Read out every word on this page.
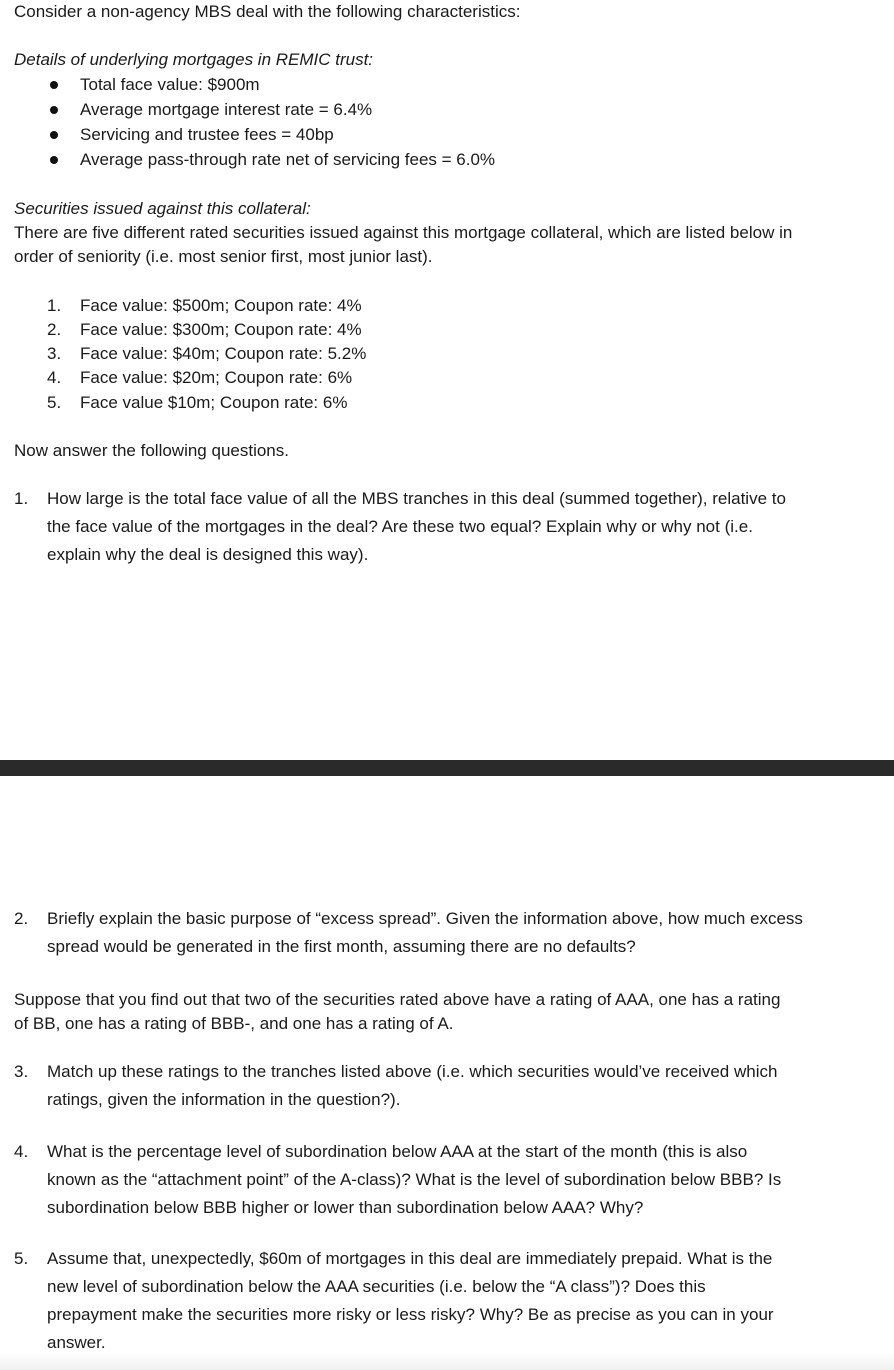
Consider a non-agency MBS deal with the following characteristics:
Details of underlying mortgages in REMIC trust:
Total face value: $900m
Average mortgage interest rate = 6.4%
Servicing and trustee fees = 40bp
Average pass-through rate net of servicing fees = 6.0%
Securities issued against this collateral:
There are five different rated securities issued against this mortgage collateral, which are listed below in
order of seniority (i.e. most senior first, most junior last).
1. Face value: $500m; Coupon rate: 4%
2. Face value: $300m; Coupon rate: 4%
3. Face value: $40m; Coupon rate: 5.2%
4. Face value: $20m; Coupon rate: 6%
5. Face value $10m; Coupon rate: 6%
Now answer the following questions.
1. How large is the total face value of all the MBS tranches in this deal (summed together), relative to
the face value of the mortgages in the deal? Are these two equal? Explain why or why not (i.e.
explain why the deal is designed this way).
2. Briefly explain the basic purpose of “excess spread”. Given the information above, how much excess
spread would be generated in the first month, assuming there are no defaults?
Suppose that you find out that two of the securities rated above have a rating of AAA, one has a rating
of BB, one has a rating of BBB-, and one has a rating of A.
3. Match up these ratings to the tranches listed above (i.e. which securities would’ve received which
ratings, given the information in the question?).
4. What is the percentage level of subordination below AAA at the start of the month (this is also
known as the “attachment point” of the A-class)? What is the level of subordination below BBB? Is
subordination below BBB higher or lower than subordination below AAA? Why?
5. Assume that, unexpectedly, $60m of mortgages in this deal are immediately prepaid. What is the
new level of subordination below the AAA securities (i.e. below the “A class”)? Does this
prepayment make the securities more risky or less risky? Why? Be as precise as you can in your
answer.
